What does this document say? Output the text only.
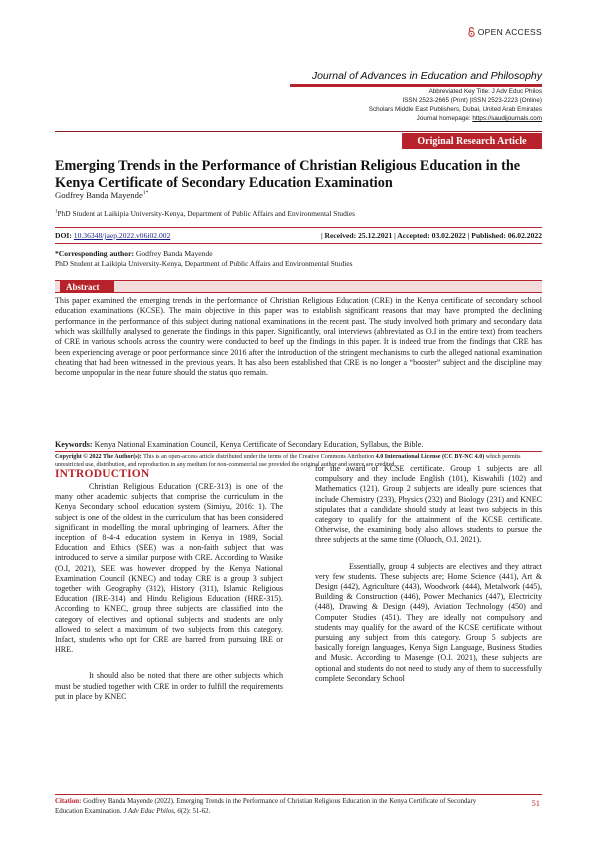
OPEN ACCESS
Journal of Advances in Education and Philosophy
Abbreviated Key Title: J Adv Educ Philos
ISSN 2523-2665 (Print) |ISSN 2523-2223 (Online)
Scholars Middle East Publishers, Dubai, United Arab Emirates
Journal homepage: https://saudijournals.com
Original Research Article
Emerging Trends in the Performance of Christian Religious Education in the Kenya Certificate of Secondary Education Examination
Godfrey Banda Mayende$^{1*}$
$^1$PhD Student at Laikipia University-Kenya, Department of Public Affairs and Environmental Studies
DOI: 10.36348/jaep.2022.v06i02.002	| Received: 25.12.2021 | Accepted: 03.02.2022 | Published: 06.02.2022
*Corresponding author: Godfrey Banda Mayende
PhD Student at Laikipia University-Kenya, Department of Public Affairs and Environmental Studies
Abstract
This paper examined the emerging trends in the performance of Christian Religious Education (CRE) in the Kenya certificate of secondary school education examinations (KCSE). The main objective in this paper was to establish significant reasons that may have prompted the declining performance in the performance of this subject during national examinations in the recent past. The study involved both primary and secondary data which was skillfully analysed to generate the findings in this paper. Significantly, oral interviews (abbreviated as O.I in the entire text) from teachers of CRE in various schools across the country were conducted to beef up the findings in this paper. It is indeed true from the findings that CRE has been experiencing average or poor performance since 2016 after the introduction of the stringent mechanisms to curb the alleged national examination cheating that had been witnessed in the previous years. It has also been established that CRE is no longer a “booster” subject and the discipline may become unpopular in the near future should the status quo remain.
Keywords: Kenya National Examination Council, Kenya Certificate of Secondary Education, Syllabus, the Bible.
Copyright © 2022 The Author(s): This is an open-access article distributed under the terms of the Creative Commons Attribution 4.0 International License (CC BY-NC 4.0) which permits unrestricted use, distribution, and reproduction in any medium for non-commercial use provided the original author and source are credited.
INTRODUCTION

Christian Religious Education (CRE-313) is one of the many other academic subjects that comprise the curriculum in the Kenya Secondary school education system (Simiyu, 2016: 1). The subject is one of the oldest in the curriculum that has been considered significant in modelling the moral upbringing of learners. After the inception of 8-4-4 education system in Kenya in 1989, Social Education and Ethics (SEE) was a non-faith subject that was introduced to serve a similar purpose with CRE. According to Wasike (O.I, 2021), SEE was however dropped by the Kenya National Examination Council (KNEC) and today CRE is a group 3 subject together with Geography (312), History (311), Islamic Religious Education (IRE-314) and Hindu Religious Education (HRE-315). According to KNEC, group three subjects are classified into the category of electives and optional subjects and students are only allowed to select a maximum of two subjects from this category. Infact, students who opt for CRE are barred from pursuing IRE or HRE.

It should also be noted that there are other subjects which must be studied together with CRE in order to fulfill the requirements put in place by KNEC

for the award of KCSE certificate. Group 1 subjects are all compulsory and they include English (101), Kiswahili (102) and Mathematics (121). Group 2 subjects are ideally pure sciences that include Chemistry (233), Physics (232) and Biology (231) and KNEC stipulates that a candidate should study at least two subjects in this category to qualify for the attainment of the KCSE certificate. Otherwise, the examining body also allows students to pursue the three subjects at the same time (Oluoch, O.I. 2021).

Essentially, group 4 subjects are electives and they attract very few students. These subjects are; Home Science (441), Art & Design (442), Agriculture (443), Woodwork (444), Metalwork (445), Building & Construction (446), Power Mechanics (447), Electricity (448), Drawing & Design (449), Aviation Technology (450) and Computer Studies (451). They are ideally not compulsory and students may qualify for the award of the KCSE certificate without pursuing any subject from this category. Group 5 subjects are basically foreign languages, Kenya Sign Language, Business Studies and Music. According to Masenge (O.I. 2021), these subjects are optional and students do not need to study any of them to successfully complete Secondary School

Citation: Godfrey Banda Mayende (2022). Emerging Trends in the Performance of Christian Religious Education in the Kenya Certificate of Secondary Education Examination. J Adv Educ Philos, 6(2): 51-62.
51
